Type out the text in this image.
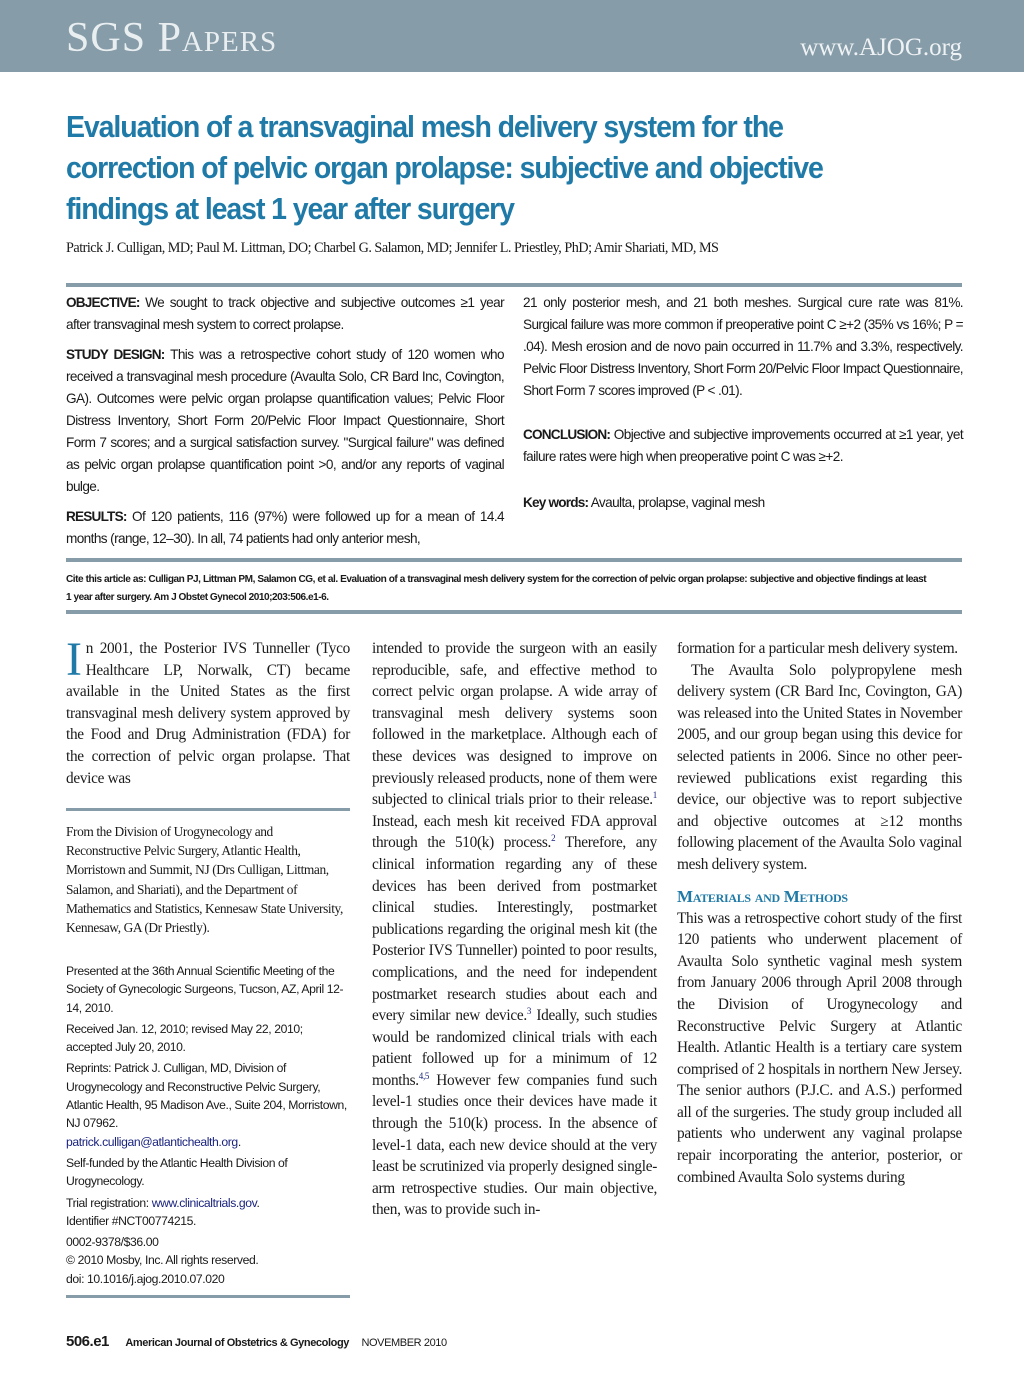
SGS Papers	www.AJOG.org
Evaluation of a transvaginal mesh delivery system for the correction of pelvic organ prolapse: subjective and objective findings at least 1 year after surgery
Patrick J. Culligan, MD; Paul M. Littman, DO; Charbel G. Salamon, MD; Jennifer L. Priestley, PhD; Amir Shariati, MD, MS

OBJECTIVE: We sought to track objective and subjective outcomes ≥1 year after transvaginal mesh system to correct prolapse.

STUDY DESIGN: This was a retrospective cohort study of 120 women who received a transvaginal mesh procedure (Avaulta Solo, CR Bard Inc, Covington, GA). Outcomes were pelvic organ prolapse quantification values; Pelvic Floor Distress Inventory, Short Form 20/Pelvic Floor Impact Questionnaire, Short Form 7 scores; and a surgical satisfaction survey. "Surgical failure" was defined as pelvic organ prolapse quantification point >0, and/or any reports of vaginal bulge.

RESULTS: Of 120 patients, 116 (97%) were followed up for a mean of 14.4 months (range, 12–30). In all, 74 patients had only anterior mesh,

21 only posterior mesh, and 21 both meshes. Surgical cure rate was 81%. Surgical failure was more common if preoperative point C ≥+2 (35% vs 16%; P = .04). Mesh erosion and de novo pain occurred in 11.7% and 3.3%, respectively. Pelvic Floor Distress Inventory, Short Form 20/Pelvic Floor Impact Questionnaire, Short Form 7 scores improved (P < .01).

CONCLUSION: Objective and subjective improvements occurred at ≥1 year, yet failure rates were high when preoperative point C was ≥+2.

Key words: Avaulta, prolapse, vaginal mesh

Cite this article as: Culligan PJ, Littman PM, Salamon CG, et al. Evaluation of a transvaginal mesh delivery system for the correction of pelvic organ prolapse: subjective and objective findings at least 1 year after surgery. Am J Obstet Gynecol 2010;203:506.e1-6.

In 2001, the Posterior IVS Tunneller (Tyco Healthcare LP, Norwalk, CT) became available in the United States as the first transvaginal mesh delivery system approved by the Food and Drug Administration (FDA) for the correction of pelvic organ prolapse. That device was

From the Division of Urogynecology and Reconstructive Pelvic Surgery, Atlantic Health, Morristown and Summit, NJ (Drs Culligan, Littman, Salamon, and Shariati), and the Department of Mathematics and Statistics, Kennesaw State University, Kennesaw, GA (Dr Priestly).

Presented at the 36th Annual Scientific Meeting of the Society of Gynecologic Surgeons, Tucson, AZ, April 12-14, 2010.

Received Jan. 12, 2010; revised May 22, 2010; accepted July 20, 2010.

Reprints: Patrick J. Culligan, MD, Division of Urogynecology and Reconstructive Pelvic Surgery, Atlantic Health, 95 Madison Ave., Suite 204, Morristown, NJ 07962.
patrick.culligan@atlantichealth.org.

Self-funded by the Atlantic Health Division of Urogynecology.

Trial registration: www.clinicaltrials.gov.
Identifier #NCT00774215.

0002-9378/$36.00
© 2010 Mosby, Inc. All rights reserved.
doi: 10.1016/j.ajog.2010.07.020

intended to provide the surgeon with an easily reproducible, safe, and effective method to correct pelvic organ prolapse. A wide array of transvaginal mesh delivery systems soon followed in the marketplace. Although each of these devices was designed to improve on previously released products, none of them were subjected to clinical trials prior to their release.$^1$ Instead, each mesh kit received FDA approval through the 510(k) process.$^2$ Therefore, any clinical information regarding any of these devices has been derived from postmarket clinical studies. Interestingly, postmarket publications regarding the original mesh kit (the Posterior IVS Tunneller) pointed to poor results, complications, and the need for independent postmarket research studies about each and every similar new device.$^3$ Ideally, such studies would be randomized clinical trials with each patient followed up for a minimum of 12 months.$^{4,5}$ However few companies fund such level-1 studies once their devices have made it through the 510(k) process. In the absence of level-1 data, each new device should at the very least be scrutinized via properly designed single-arm retrospective studies. Our main objective, then, was to provide such in-

formation for a particular mesh delivery system.

The Avaulta Solo polypropylene mesh delivery system (CR Bard Inc, Covington, GA) was released into the United States in November 2005, and our group began using this device for selected patients in 2006. Since no other peer-reviewed publications exist regarding this device, our objective was to report subjective and objective outcomes at ≥12 months following placement of the Avaulta Solo vaginal mesh delivery system.

Materials and Methods

This was a retrospective cohort study of the first 120 patients who underwent placement of Avaulta Solo synthetic vaginal mesh system from January 2006 through April 2008 through the Division of Urogynecology and Reconstructive Pelvic Surgery at Atlantic Health. Atlantic Health is a tertiary care system comprised of 2 hospitals in northern New Jersey. The senior authors (P.J.C. and A.S.) performed all of the surgeries. The study group included all patients who underwent any vaginal prolapse repair incorporating the anterior, posterior, or combined Avaulta Solo systems during

506.e1 American Journal of Obstetrics & Gynecology NOVEMBER 2010
